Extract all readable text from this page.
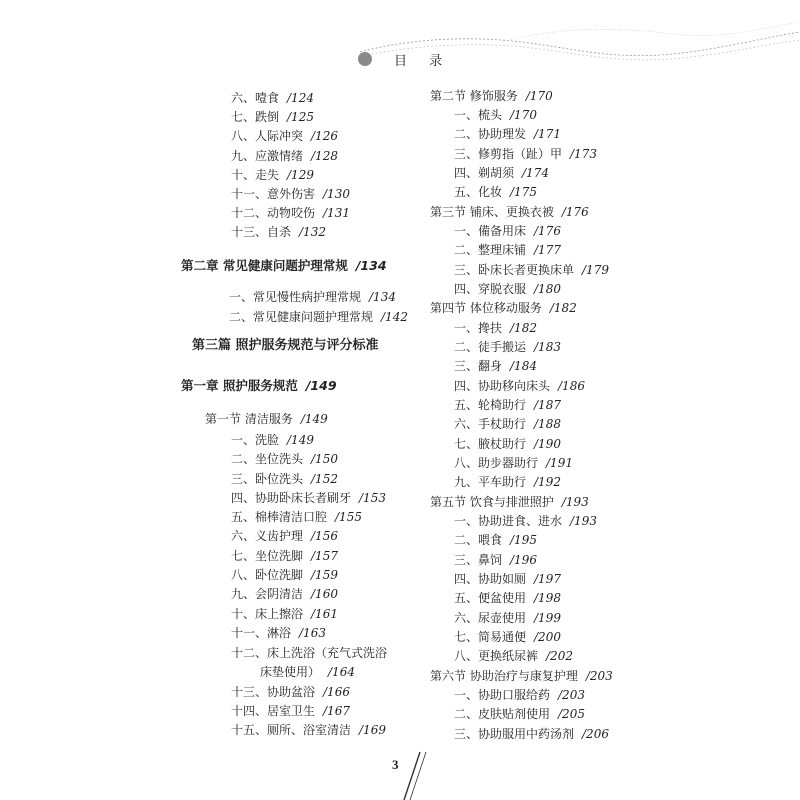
目 录
六、噎食 /124
七、跌倒 /125
八、人际冲突 /126
九、应激情绪 /128
十、走失 /129
十一、意外伤害 /130
十二、动物咬伤 /131
十三、自杀 /132
第二章 常见健康问题护理常规 /134
一、常见慢性病护理常规 /134
二、常见健康问题护理常规 /142
第三篇 照护服务规范与评分标准
第一章 照护服务规范 /149
第一节 清洁服务 /149
一、洗脸 /149
二、坐位洗头 /150
三、卧位洗头 /152
四、协助卧床长者刷牙 /153
五、棉棒清洁口腔 /155
六、义齿护理 /156
七、坐位洗脚 /157
八、卧位洗脚 /159
九、会阴清洁 /160
十、床上擦浴 /161
十一、淋浴 /163
十二、床上洗浴（充气式洗浴
床垫使用） /164
十三、协助盆浴 /166
十四、居室卫生 /167
十五、厕所、浴室清洁 /169
第二节 修饰服务 /170
一、梳头 /170
二、协助理发 /171
三、修剪指（趾）甲 /173
四、剃胡须 /174
五、化妆 /175
第三节 铺床、更换衣被 /176
一、備备用床 /176
二、整理床铺 /177
三、卧床长者更换床单 /179
四、穿脱衣服 /180
第四节 体位移动服务 /182
一、搀扶 /182
二、徒手搬运 /183
三、翻身 /184
四、协助移向床头 /186
五、轮椅助行 /187
六、手杖助行 /188
七、腋杖助行 /190
八、助步器助行 /191
九、平车助行 /192
第五节 饮食与排泄照护 /193
一、协助进食、进水 /193
二、喂食 /195
三、鼻饲 /196
四、协助如厕 /197
五、便盆使用 /198
六、尿壶使用 /199
七、简易通便 /200
八、更换纸尿裤 /202
第六节 协助治疗与康复护理 /203
一、协助口服给药 /203
二、皮肤贴剂使用 /205
三、协助服用中药汤剂 /206
3
